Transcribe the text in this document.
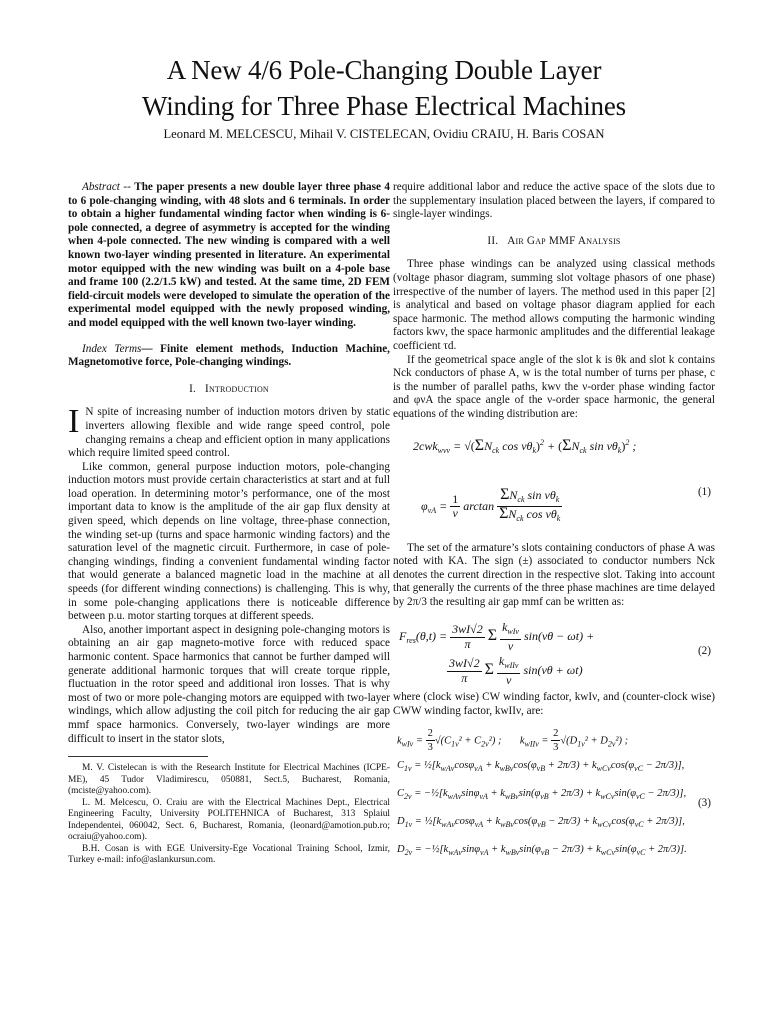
A New 4/6 Pole-Changing Double Layer
Winding for Three Phase Electrical Machines
Leonard M. MELCESCU, Mihail V. CISTELECAN, Ovidiu CRAIU, H. Baris COSAN

Abstract -- The paper presents a new double layer three phase 4 to 6 pole-changing winding, with 48 slots and 6 terminals. In order to obtain a higher fundamental winding factor when winding is 6-pole connected, a degree of asymmetry is accepted for the winding when 4-pole connected. The new winding is compared with a well known two-layer winding presented in literature. An experimental motor equipped with the new winding was built on a 4-pole base and frame 100 (2.2/1.5 kW) and tested. At the same time, 2D FEM field-circuit models were developed to simulate the operation of the experimental model equipped with the newly proposed winding, and model equipped with the well known two-layer winding.

Index Terms— Finite element methods, Induction Machine, Magnetomotive force, Pole-changing windings.

I. Introduction

I N spite of increasing number of induction motors driven by static inverters allowing flexible and wide range speed control, pole changing remains a cheap and efficient option in many applications which require limited speed control.

Like common, general purpose induction motors, pole-changing induction motors must provide certain characteristics at start and at full load operation. In determining motor’s performance, one of the most important data to know is the amplitude of the air gap flux density at given speed, which depends on line voltage, three-phase connection, the winding set-up (turns and space harmonic winding factors) and the saturation level of the magnetic circuit. Furthermore, in case of pole-changing windings, finding a convenient fundamental winding factor that would generate a balanced magnetic load in the machine at all speeds (for different winding connections) is challenging. This is why, in some pole-changing applications there is noticeable difference between p.u. motor starting torques at different speeds.

Also, another important aspect in designing pole-changing motors is obtaining an air gap magneto-motive force with reduced space harmonic content. Space harmonics that cannot be further damped will generate additional harmonic torques that will create torque ripple, fluctuation in the rotor speed and additional iron losses. That is why most of two or more pole-changing motors are equipped with two-layer windings, which allow adjusting the coil pitch for reducing the air gap mmf space harmonics. Conversely, two-layer windings are more difficult to insert in the stator slots,

M. V. Cistelecan is with the Research Institute for Electrical Machines (ICPE-ME), 45 Tudor Vladimirescu, 050881, Sect.5, Bucharest, Romania, (mciste@yahoo.com).

L. M. Melcescu, O. Craiu are with the Electrical Machines Dept., Electrical Engineering Faculty, University POLITEHNICA of Bucharest, 313 Splaiul Independentei, 060042, Sect. 6, Bucharest, Romania, (leonard@amotion.pub.ro; ocraiu@yahoo.com).

B.H. Cosan is with EGE University-Ege Vocational Training School, Izmir, Turkey e-mail: info@aslankursun.com.

require additional labor and reduce the active space of the slots due to the supplementary insulation placed between the layers, if compared to single-layer windings.

II. Air Gap MMF Analysis

Three phase windings can be analyzed using classical methods (voltage phasor diagram, summing slot voltage phasors of one phase) irrespective of the number of layers. The method used in this paper [2] is analytical and based on voltage phasor diagram applied for each space harmonic. The method allows computing the harmonic winding factors kwν, the space harmonic amplitudes and the differential leakage coefficient τd.

If the geometrical space angle of the slot k is θk and slot k contains Nck conductors of phase A, w is the total number of turns per phase, c is the number of parallel paths, kwν the ν-order phase winding factor and φνA the space angle of the ν-order space harmonic, the general equations of the winding distribution are:

$2cwk_{wvv} = √(\Sigma N_{ck}$ $\cos \nu\theta_k)^2 + (\Sigma N_{ck}$ $\sin \nu\theta_k)^2$ ;
$\varphi_{\nu A} = \frac{1}{\nu}$ $\arctan \frac{\Sigma N_{ck} \sin \nu\theta_k}{\Sigma N_{ck} \cos \nu\theta_k}$	(1)

The set of the armature’s slots containing conductors of phase A was noted with KA. The sign (±) associated to conductor numbers Nck denotes the current direction in the respective slot. Taking into account that generally the currents of the three phase machines are time delayed by 2π/3 the resulting air gap mmf can be written as:

$F_{res}(\theta,t) = \frac{3wI√2}{\pi}$ Σ $\frac{k_{wI\nu}}{\nu} \sin(\nu\theta - \omega t)$ +
$\frac{3wI√2}{\pi}$ Σ $\frac{k_{wII\nu}}{\nu} \sin(\nu\theta + \omega t)$
(2)

where (clock wise) CW winding factor, kwIν, and (counter-clock wise) CWW winding factor, kwIIν, are:

$k_{wI\nu} = \frac{2}{3} √(C_{1\nu}^2 + C_{2\nu}^2)$ ;       $k_{wII\nu} = \frac{2}{3} √(D_{1\nu}^2 + D_{2\nu}^2)$ ;
$C_{1\nu}$ = $\frac{1}{2}[k_{wA\nu}\cos\varphi_{\nu A} + k_{wB\nu}\cos(\varphi_{\nu B} + 2\pi/3) + k_{wC\nu}\cos(\varphi_{\nu C} - 2\pi/3)]$,
$C_{2\nu}$ = $-\frac{1}{2}[k_{wA\nu}\sin\varphi_{\nu A} + k_{wB\nu}\sin(\varphi_{\nu B} + 2\pi/3) + k_{wC\nu}\sin(\varphi_{\nu C} - 2\pi/3)]$,
$D_{1\nu}$ = $\frac{1}{2}[k_{wA\nu}\cos\varphi_{\nu A} + k_{wB\nu}\cos(\varphi_{\nu B} - 2\pi/3) + k_{wC\nu}\cos(\varphi_{\nu C} + 2\pi/3)]$,
$D_{2\nu}$ = $-\frac{1}{2}[k_{wA\nu}\sin\varphi_{\nu A} + k_{wB\nu}\sin(\varphi_{\nu B} - 2\pi/3) + k_{wC\nu}\sin(\varphi_{\nu C} + 2\pi/3)]$.
(3)
